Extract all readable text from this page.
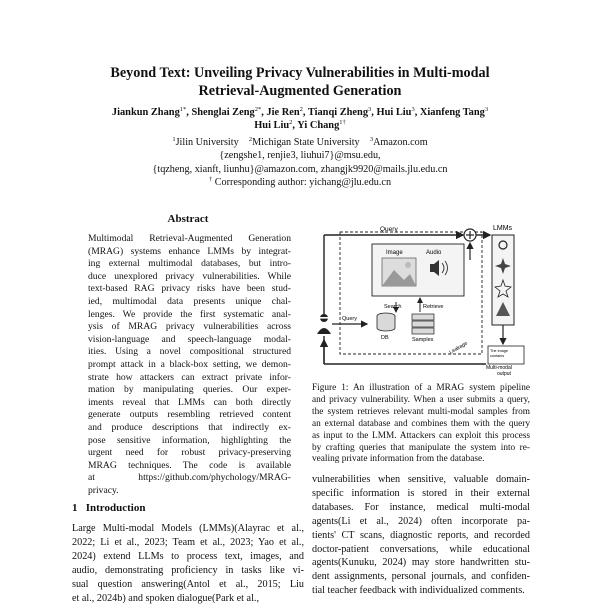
Beyond Text: Unveiling Privacy Vulnerabilities in Multi-modal
Retrieval-Augmented Generation
Jiankun Zhang$^{1*}$, Shenglai Zeng$^{2*}$, Jie Ren$^2$, Tianqi Zheng$^3$, Hui Liu$^3$, Xianfeng Tang$^3$
Hui Liu$^2$, Yi Chang$^{1\dagger}$
$^1$Jilin University $^2$Michigan State University $^3$Amazon.com
{zengshe1, renjie3, liuhui7}@msu.edu,
{tqzheng, xianft, liunhu}@amazon.com, zhangjk9920@mails.jlu.edu.cn
† Corresponding author: yichang@jlu.edu.cn
Abstract
Multimodal Retrieval-Augmented Generation
(MRAG) systems enhance LMMs by integrat-
ing external multimodal databases, but intro-
duce unexplored privacy vulnerabilities. While
text-based RAG privacy risks have been stud-
ied, multimodal data presents unique chal-
lenges. We provide the first systematic anal-
ysis of MRAG privacy vulnerabilities across
vision-language and speech-language modal-
ities. Using a novel compositional structured
prompt attack in a black-box setting, we demon-
strate how attackers can extract private infor-
mation by manipulating queries. Our exper-
iments reveal that LMMs can both directly
generate outputs resembling retrieved content
and produce descriptions that indirectly ex-
pose sensitive information, highlighting the
urgent need for robust privacy-preserving
MRAG techniques. The code is available
at https://github.com/phychology/MRAG-
privacy.
Query	LMMs
The image
contains
Multi-modal
output
Image	Audio
Search	Retrieve
DB	Samples
Query
Leakage
Figure 1: An illustration of a MRAG system pipeline
and privacy vulnerability. When a user submits a query,
the system retrieves relevant multi-modal samples from
an external database and combines them with the query
as input to the LMM. Attackers can exploit this process
by crafting queries that manipulate the system into re-
vealing private information from the database.
1 Introduction
Large Multi-modal Models (LMMs)(Alayrac et al.,
2022; Li et al., 2023; Team et al., 2023; Yao et al.,
2024) extend LLMs to process text, images, and
audio, demonstrating proficiency in tasks like vi-
sual question answering(Antol et al., 2015; Liu
et al., 2024b) and spoken dialogue(Park et al.,
vulnerabilities when sensitive, valuable domain-
specific information is stored in their external
databases. For instance, medical multi-modal
agents(Li et al., 2024) often incorporate pa-
tients' CT scans, diagnostic reports, and recorded
doctor-patient conversations, while educational
agents(Kunuku, 2024) may store handwritten stu-
dent assignments, personal journals, and confiden-
tial teacher feedback with individualized comments.
